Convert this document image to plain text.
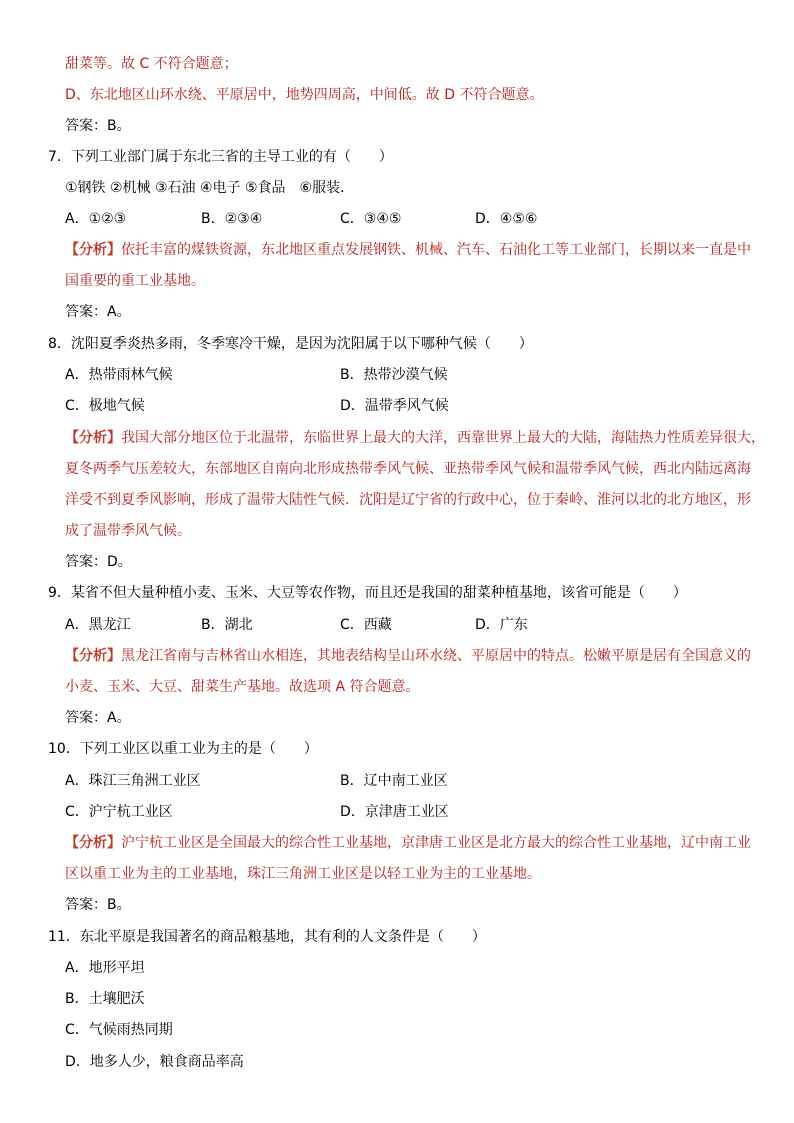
甜菜等。故 C 不符合题意；
D、东北地区山环水绕、平原居中，地势四周高，中间低。故 D 不符合题意。
答案：B。
7．下列工业部门属于东北三省的主导工业的有（　　）
①钢铁 ②机械 ③石油 ④电子 ⑤食品　⑥服装．
A．①②③	B．②③④	C．③④⑤	D．④⑤⑥
【分析】依托丰富的煤铁资源，东北地区重点发展钢铁、机械、汽车、石油化工等工业部门，长期以来一直是中
国重要的重工业基地。
答案：A。
8．沈阳夏季炎热多雨，冬季寒冷干燥，是因为沈阳属于以下哪种气候（　　）
A．热带雨林气候	B．热带沙漠气候
C．极地气候	D．温带季风气候
【分析】我国大部分地区位于北温带，东临世界上最大的大洋，西靠世界上最大的大陆，海陆热力性质差异很大，
夏冬两季气压差较大，东部地区自南向北形成热带季风气候、亚热带季风气候和温带季风气候，西北内陆远离海
洋受不到夏季风影响，形成了温带大陆性气候．沈阳是辽宁省的行政中心，位于秦岭、淮河以北的北方地区，形
成了温带季风气候。
答案：D。
9．某省不但大量种植小麦、玉米、大豆等农作物，而且还是我国的甜菜种植基地，该省可能是（　　）
A．黑龙江	B．湖北	C．西藏	D．广东
【分析】黑龙江省南与吉林省山水相连，其地表结构呈山环水绕、平原居中的特点。松嫩平原是居有全国意义的
小麦、玉米、大豆、甜菜生产基地。故选项 A 符合题意。
答案：A。
10．下列工业区以重工业为主的是（　　）
A．珠江三角洲工业区	B．辽中南工业区
C．沪宁杭工业区	D．京津唐工业区
【分析】沪宁杭工业区是全国最大的综合性工业基地，京津唐工业区是北方最大的综合性工业基地，辽中南工业
区以重工业为主的工业基地，珠江三角洲工业区是以轻工业为主的工业基地。
答案：B。
11．东北平原是我国著名的商品粮基地，其有利的人文条件是（　　）
A．地形平坦
B．土壤肥沃
C．气候雨热同期
D．地多人少，粮食商品率高
